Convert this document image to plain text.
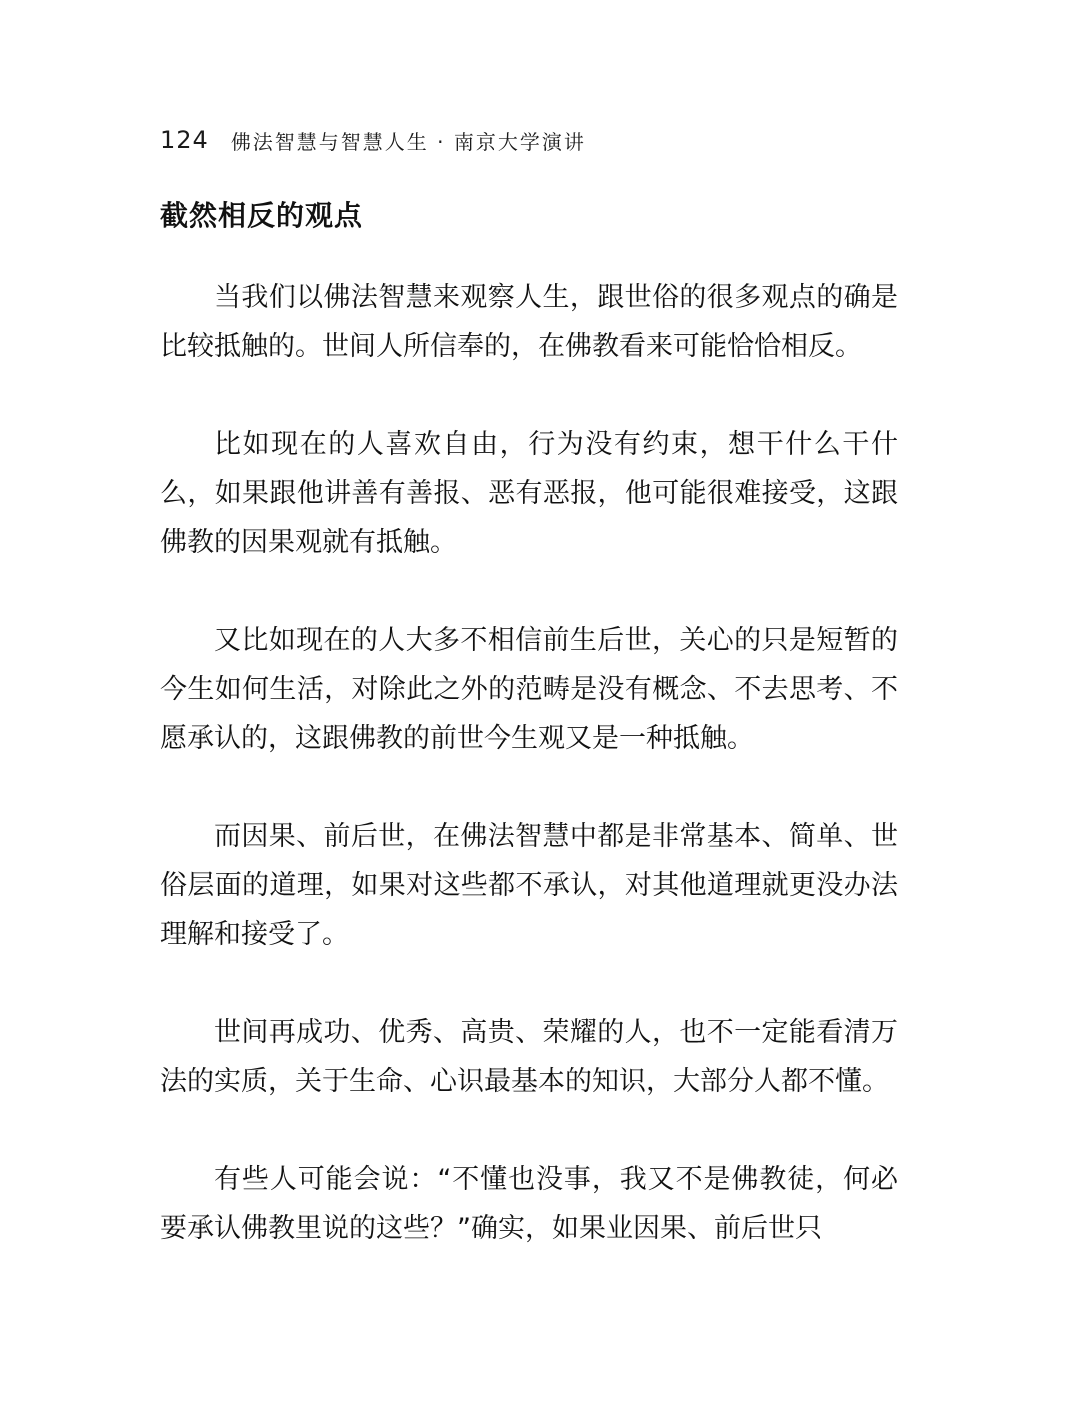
124 佛法智慧与智慧人生 · 南京大学演讲
截然相反的观点

当我们以佛法智慧来观察人生，跟世俗的很多观点的确是比较抵触的。世间人所信奉的，在佛教看来可能恰恰相反。

比如现在的人喜欢自由，行为没有约束，想干什么干什么，如果跟他讲善有善报、恶有恶报，他可能很难接受，这跟佛教的因果观就有抵触。

又比如现在的人大多不相信前生后世，关心的只是短暂的今生如何生活，对除此之外的范畴是没有概念、不去思考、不愿承认的，这跟佛教的前世今生观又是一种抵触。

而因果、前后世，在佛法智慧中都是非常基本、简单、世俗层面的道理，如果对这些都不承认，对其他道理就更没办法理解和接受了。

世间再成功、优秀、高贵、荣耀的人，也不一定能看清万法的实质，关于生命、心识最基本的知识，大部分人都不懂。

有些人可能会说：“不懂也没事，我又不是佛教徒，何必要承认佛教里说的这些？”确实，如果业因果、前后世只
